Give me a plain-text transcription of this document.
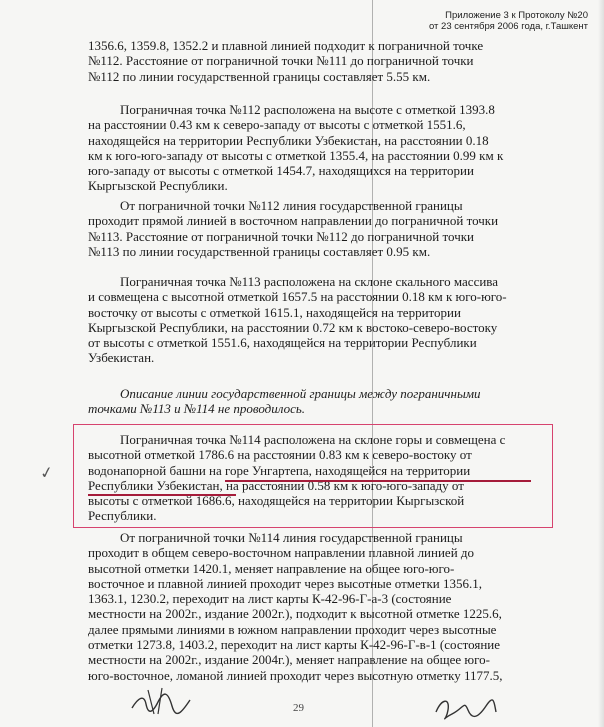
Приложение 3 к Протоколу №20
от 23 сентября 2006 года, г.Ташкент
1356.6, 1359.8, 1352.2 и плавной линией подходит к пограничной точке
№112. Расстояние от пограничной точки №111 до пограничной точки
№112 по линии государственной границы составляет 5.55 км.
Пограничная точка №112 расположена на высоте с отметкой 1393.8
на расстоянии 0.43 км к северо-западу от высоты с отметкой 1551.6,
находящейся на территории Республики Узбекистан, на расстоянии 0.18
км к юго-юго-западу от высоты с отметкой 1355.4, на расстоянии 0.99 км к
юго-западу от высоты с отметкой 1454.7, находящихся на территории
Кыргызской Республики.
От пограничной точки №112 линия государственной границы
проходит прямой линией в восточном направлении до пограничной точки
№113. Расстояние от пограничной точки №112 до пограничной точки
№113 по линии государственной границы составляет 0.95 км.
Пограничная точка №113 расположена на склоне скального массива
и совмещена с высотной отметкой 1657.5 на расстоянии 0.18 км к юго-юго-
восточку от высоты с отметкой 1615.1, находящейся на территории
Кыргызской Республики, на расстоянии 0.72 км к востоко-северо-востоку
от высоты с отметкой 1551.6, находящейся на территории Республики
Узбекистан.
Описание линии государственной границы между пограничными
точками №113 и №114 не проводилось.
Пограничная точка №114 расположена на склоне горы и совмещена с
высотной отметкой 1786.6 на расстоянии 0.83 км к северо-востоку от
водонапорной башни на горе Унгартепа, находящейся на территории
Республики Узбекистан, на расстоянии 0.58 км к юго-юго-западу от
высоты с отметкой 1686.6, находящейся на территории Кыргызской
Республики.
✓
От пограничной точки №114 линия государственной границы
проходит в общем северо-восточном направлении плавной линией до
высотной отметки 1420.1, меняет направление на общее юго-юго-
восточное и плавной линией проходит через высотные отметки 1356.1,
1363.1, 1230.2, переходит на лист карты К-42-96-Г-а-3 (состояние
местности на 2002г., издание 2002г.), подходит к высотной отметке 1225.6,
далее прямыми линиями в южном направлении проходит через высотные
отметки 1273.8, 1403.2, переходит на лист карты К-42-96-Г-в-1 (состояние
местности на 2002г., издание 2004г.), меняет направление на общее юго-
юго-восточное, ломаной линией проходит через высотную отметку 1177.5,
29
